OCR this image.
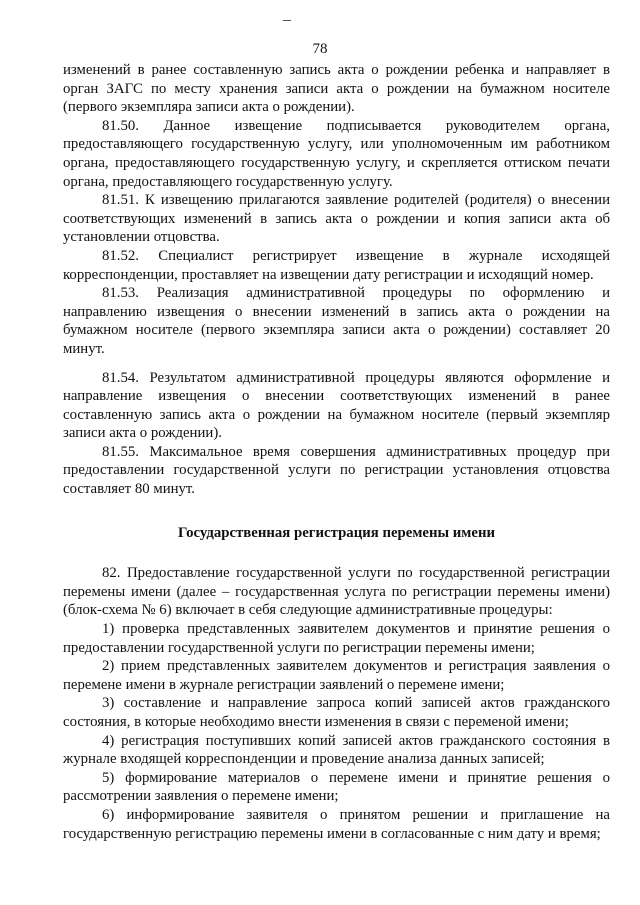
78

изменений в ранее составленную запись акта о рождении ребенка и направляет в орган ЗАГС по месту хранения записи акта о рождении на бумажном носителе (первого экземпляра записи акта о рождении).

81.50. Данное извещение подписывается руководителем органа, предоставляющего государственную услугу, или уполномоченным им работником органа, предоставляющего государственную услугу, и скрепляется оттиском печати органа, предоставляющего государственную услугу.

81.51. К извещению прилагаются заявление родителей (родителя) о внесении соответствующих изменений в запись акта о рождении и копия записи акта об установлении отцовства.

81.52. Специалист регистрирует извещение в журнале исходящей корреспонденции, проставляет на извещении дату регистрации и исходящий номер.

81.53. Реализация административной процедуры по оформлению и направлению извещения о внесении изменений в запись акта о рождении на бумажном носителе (первого экземпляра записи акта о рождении) составляет 20 минут.

81.54. Результатом административной процедуры являются оформление и направление извещения о внесении соответствующих изменений в ранее составленную запись акта о рождении на бумажном носителе (первый экземпляр записи акта о рождении).

81.55. Максимальное время совершения административных процедур при предоставлении государственной услуги по регистрации установления отцовства составляет 80 минут.

Государственная регистрация перемены имени

82. Предоставление государственной услуги по государственной регистрации перемены имени (далее – государственная услуга по регистрации перемены имени) (блок-схема № 6) включает в себя следующие административные процедуры:

1) проверка представленных заявителем документов и принятие решения о предоставлении государственной услуги по регистрации перемены имени;

2) прием представленных заявителем документов и регистрация заявления о перемене имени в журнале регистрации заявлений о перемене имени;

3) составление и направление запроса копий записей актов гражданского состояния, в которые необходимо внести изменения в связи с переменой имени;

4) регистрация поступивших копий записей актов гражданского состояния в журнале входящей корреспонденции и проведение анализа данных записей;

5) формирование материалов о перемене имени и принятие решения о рассмотрении заявления о перемене имени;

6) информирование заявителя о принятом решении и приглашение на государственную регистрацию перемены имени в согласованные с ним дату и время;
